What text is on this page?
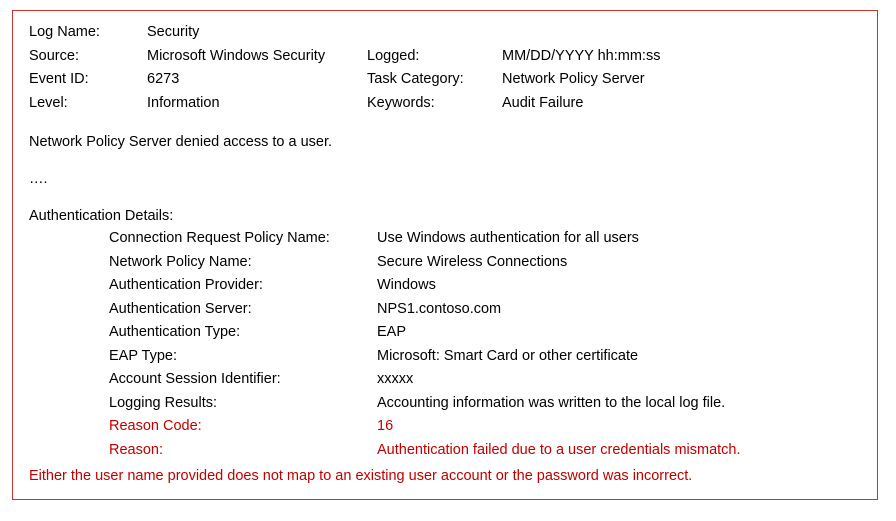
Log Name:	Security		
Source:	Microsoft Windows Security	Logged:	MM/DD/YYYY hh:mm:ss
Event ID:	6273	Task Category:	Network Policy Server
Level:	Information	Keywords:	Audit Failure

Network Policy Server denied access to a user.

….

Authentication Details:

	Connection Request Policy Name:	Use Windows authentication for all users
	Network Policy Name:	Secure Wireless Connections
	Authentication Provider:	Windows
	Authentication Server:	NPS1.contoso.com
	Authentication Type:	EAP
	EAP Type:	Microsoft: Smart Card or other certificate
	Account Session Identifier:	xxxxx
	Logging Results:	Accounting information was written to the local log file.
	Reason Code:	16
	Reason:	Authentication failed due to a user credentials mismatch.

Either the user name provided does not map to an existing user account or the password was incorrect.
